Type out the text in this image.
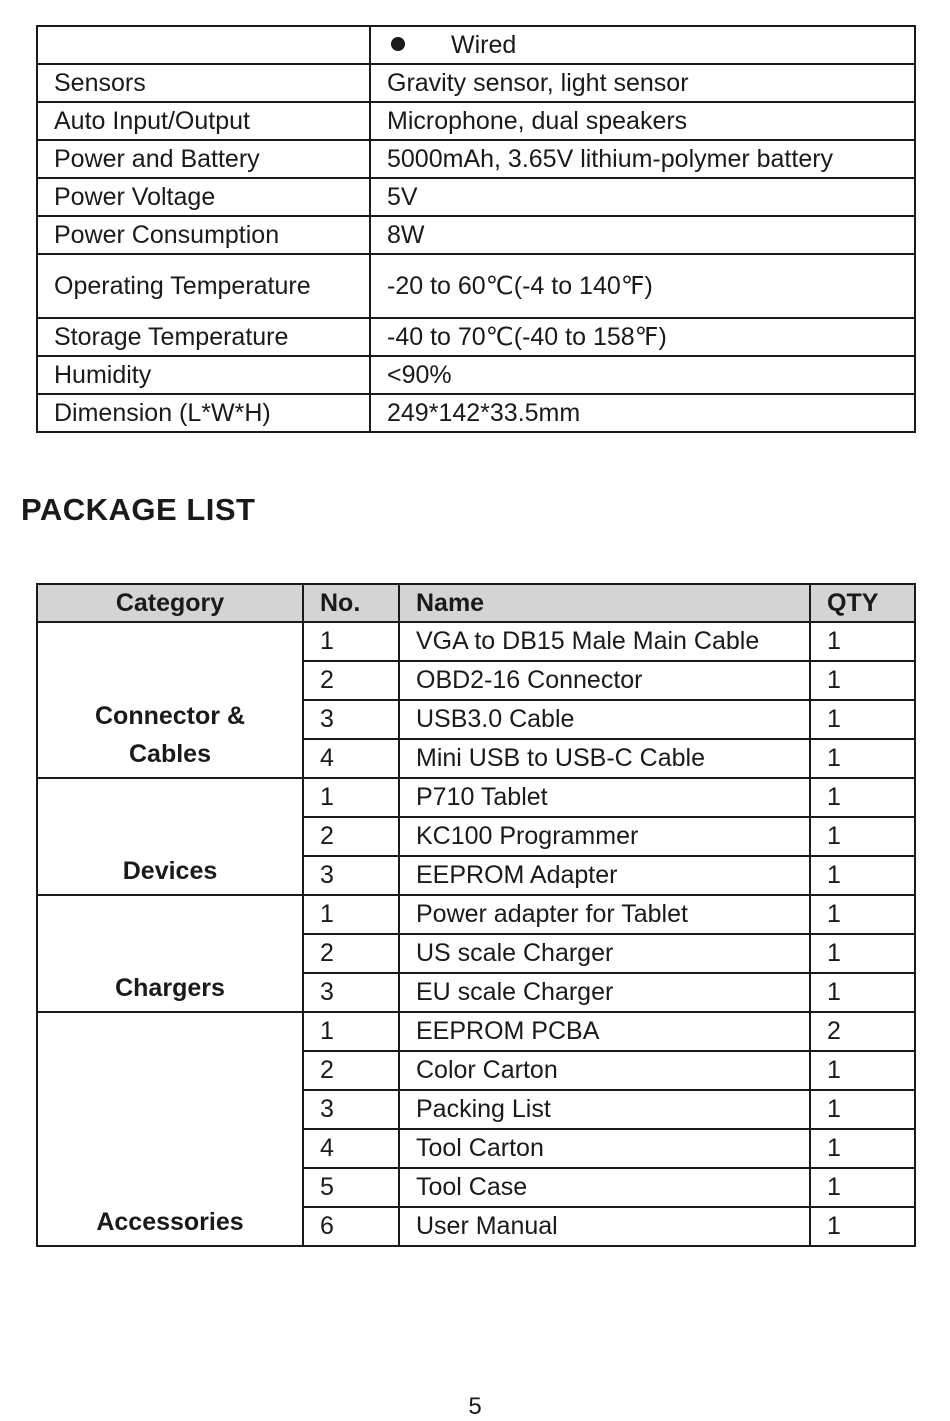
	Wired
Sensors	Gravity sensor, light sensor
Auto Input/Output	Microphone, dual speakers
Power and Battery	5000mAh, 3.65V lithium-polymer battery
Power Voltage	5V
Power Consumption	8W
Operating Temperature	-20 to 60℃(-4 to 140℉)
Storage Temperature	-40 to 70℃(-40 to 158℉)
Humidity	<90%
Dimension (L*W*H)	249*142*33.5mm
PACKAGE LIST
Category	No.	Name	QTY
Connector & Cables	1	VGA to DB15 Male Main Cable	1
	2	OBD2-16 Connector	1
	3	USB3.0 Cable	1
	4	Mini USB to USB-C Cable	1
Devices	1	P710 Tablet	1
	2	KC100 Programmer	1
	3	EEPROM Adapter	1
Chargers	1	Power adapter for Tablet	1
	2	US scale Charger	1
	3	EU scale Charger	1
Accessories	1	EEPROM PCBA	2
	2	Color Carton	1
	3	Packing List	1
	4	Tool Carton	1
	5	Tool Case	1
	6	User Manual	1
5
